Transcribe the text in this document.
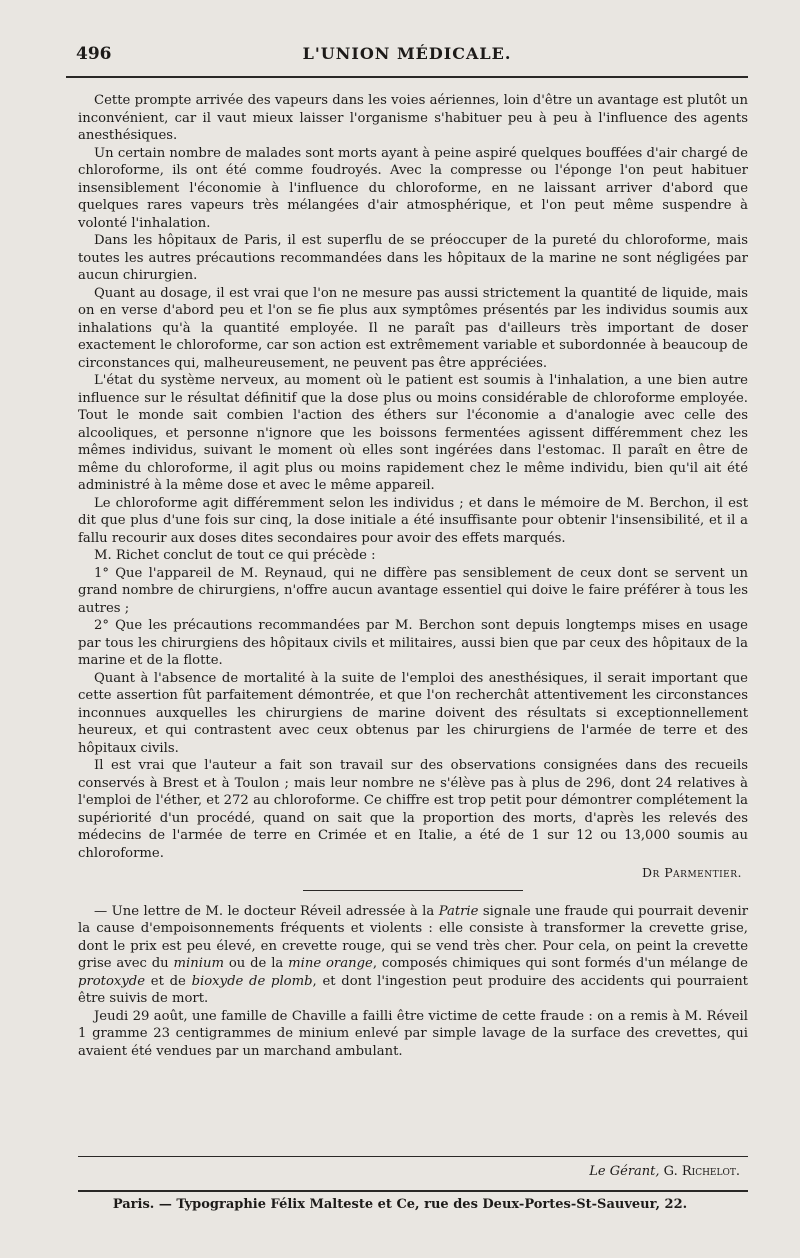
496	L'UNION MÉDICALE.

Cette prompte arrivée des vapeurs dans les voies aériennes, loin d'être un avantage est plutôt un inconvénient, car il vaut mieux laisser l'organisme s'habituer peu à peu à l'influence des agents anesthésiques.

Un certain nombre de malades sont morts ayant à peine aspiré quelques bouffées d'air chargé de chloroforme, ils ont été comme foudroyés. Avec la compresse ou l'éponge l'on peut habituer insensiblement l'économie à l'influence du chloroforme, en ne laissant arriver d'abord que quelques rares vapeurs très mélangées d'air atmosphérique, et l'on peut même suspendre à volonté l'inhalation.

Dans les hôpitaux de Paris, il est superflu de se préoccuper de la pureté du chloroforme, mais toutes les autres précautions recommandées dans les hôpitaux de la marine ne sont négligées par aucun chirurgien.

Quant au dosage, il est vrai que l'on ne mesure pas aussi strictement la quantité de liquide, mais on en verse d'abord peu et l'on se fie plus aux symptômes présentés par les individus soumis aux inhalations qu'à la quantité employée. Il ne paraît pas d'ailleurs très important de doser exactement le chloroforme, car son action est extrêmement variable et subordonnée à beaucoup de circonstances qui, malheureusement, ne peuvent pas être appréciées.

L'état du système nerveux, au moment où le patient est soumis à l'inhalation, a une bien autre influence sur le résultat définitif que la dose plus ou moins considérable de chloroforme employée. Tout le monde sait combien l'action des éthers sur l'économie a d'analogie avec celle des alcooliques, et personne n'ignore que les boissons fermentées agissent différemment chez les mêmes individus, suivant le moment où elles sont ingérées dans l'estomac. Il paraît en être de même du chloroforme, il agit plus ou moins rapidement chez le même individu, bien qu'il ait été administré à la même dose et avec le même appareil.

Le chloroforme agit différemment selon les individus ; et dans le mémoire de M. Berchon, il est dit que plus d'une fois sur cinq, la dose initiale a été insuffisante pour obtenir l'insensibilité, et il a fallu recourir aux doses dites secondaires pour avoir des effets marqués.

M. Richet conclut de tout ce qui précède :

1° Que l'appareil de M. Reynaud, qui ne diffère pas sensiblement de ceux dont se servent un grand nombre de chirurgiens, n'offre aucun avantage essentiel qui doive le faire préférer à tous les autres ;

2° Que les précautions recommandées par M. Berchon sont depuis longtemps mises en usage par tous les chirurgiens des hôpitaux civils et militaires, aussi bien que par ceux des hôpitaux de la marine et de la flotte.

Quant à l'absence de mortalité à la suite de l'emploi des anesthésiques, il serait important que cette assertion fût parfaitement démontrée, et que l'on recherchât attentivement les circonstances inconnues auxquelles les chirurgiens de marine doivent des résultats si exceptionnellement heureux, et qui contrastent avec ceux obtenus par les chirurgiens de l'armée de terre et des hôpitaux civils.

Il est vrai que l'auteur a fait son travail sur des observations consignées dans des recueils conservés à Brest et à Toulon ; mais leur nombre ne s'élève pas à plus de 296, dont 24 relatives à l'emploi de l'éther, et 272 au chloroforme. Ce chiffre est trop petit pour démontrer complétement la supériorité d'un procédé, quand on sait que la proportion des morts, d'après les relevés des médecins de l'armée de terre en Crimée et en Italie, a été de 1 sur 12 ou 13,000 soumis au chloroforme.

Dr Parmentier.

— Une lettre de M. le docteur Réveil adressée à la Patrie signale une fraude qui pourrait devenir la cause d'empoisonnements fréquents et violents : elle consiste à transformer la crevette grise, dont le prix est peu élevé, en crevette rouge, qui se vend très cher. Pour cela, on peint la crevette grise avec du minium ou de la mine orange, composés chimiques qui sont formés d'un mélange de protoxyde et de bioxyde de plomb, et dont l'ingestion peut produire des accidents qui pourraient être suivis de mort.

Jeudi 29 août, une famille de Chaville a failli être victime de cette fraude : on a remis à M. Réveil 1 gramme 23 centigrammes de minium enlevé par simple lavage de la surface des crevettes, qui avaient été vendues par un marchand ambulant.

Le Gérant, G. Richelot.
Paris. — Typographie Félix Malteste et Ce, rue des Deux-Portes-St-Sauveur, 22.
